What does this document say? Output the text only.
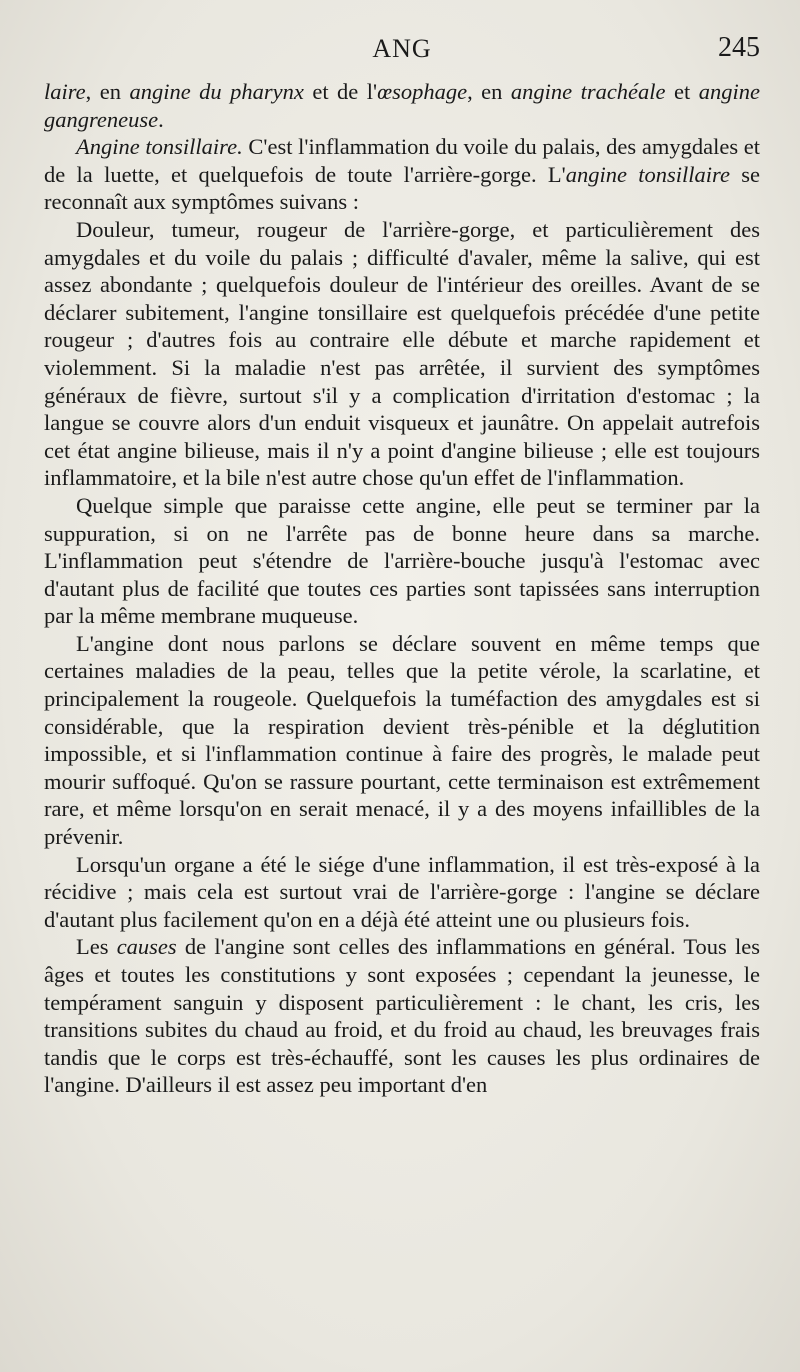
ANG	245

laire, en angine du pharynx et de l'œsophage, en angine trachéale et angine gangreneuse.

Angine tonsillaire. C'est l'inflammation du voile du palais, des amygdales et de la luette, et quelquefois de toute l'arrière-gorge. L'angine tonsillaire se reconnaît aux symptômes suivans :

Douleur, tumeur, rougeur de l'arrière-gorge, et particulièrement des amygdales et du voile du palais ; difficulté d'avaler, même la salive, qui est assez abondante ; quelquefois douleur de l'intérieur des oreilles. Avant de se déclarer subitement, l'angine tonsillaire est quelquefois précédée d'une petite rougeur ; d'autres fois au contraire elle débute et marche rapidement et violemment. Si la maladie n'est pas arrêtée, il survient des symptômes généraux de fièvre, surtout s'il y a complication d'irritation d'estomac ; la langue se couvre alors d'un enduit visqueux et jaunâtre. On appelait autrefois cet état angine bilieuse, mais il n'y a point d'angine bilieuse ; elle est toujours inflammatoire, et la bile n'est autre chose qu'un effet de l'inflammation.

Quelque simple que paraisse cette angine, elle peut se terminer par la suppuration, si on ne l'arrête pas de bonne heure dans sa marche. L'inflammation peut s'étendre de l'arrière-bouche jusqu'à l'estomac avec d'autant plus de facilité que toutes ces parties sont tapissées sans interruption par la même membrane muqueuse.

L'angine dont nous parlons se déclare souvent en même temps que certaines maladies de la peau, telles que la petite vérole, la scarlatine, et principalement la rougeole. Quelquefois la tuméfaction des amygdales est si considérable, que la respiration devient très-pénible et la déglutition impossible, et si l'inflammation continue à faire des progrès, le malade peut mourir suffoqué. Qu'on se rassure pourtant, cette terminaison est extrêmement rare, et même lorsqu'on en serait menacé, il y a des moyens infaillibles de la prévenir.

Lorsqu'un organe a été le siége d'une inflammation, il est très-exposé à la récidive ; mais cela est surtout vrai de l'arrière-gorge : l'angine se déclare d'autant plus facilement qu'on en a déjà été atteint une ou plusieurs fois.

Les causes de l'angine sont celles des inflammations en général. Tous les âges et toutes les constitutions y sont exposées ; cependant la jeunesse, le tempérament sanguin y disposent particulièrement : le chant, les cris, les transitions subites du chaud au froid, et du froid au chaud, les breuvages frais tandis que le corps est très-échauffé, sont les causes les plus ordinaires de l'angine. D'ailleurs il est assez peu important d'en
